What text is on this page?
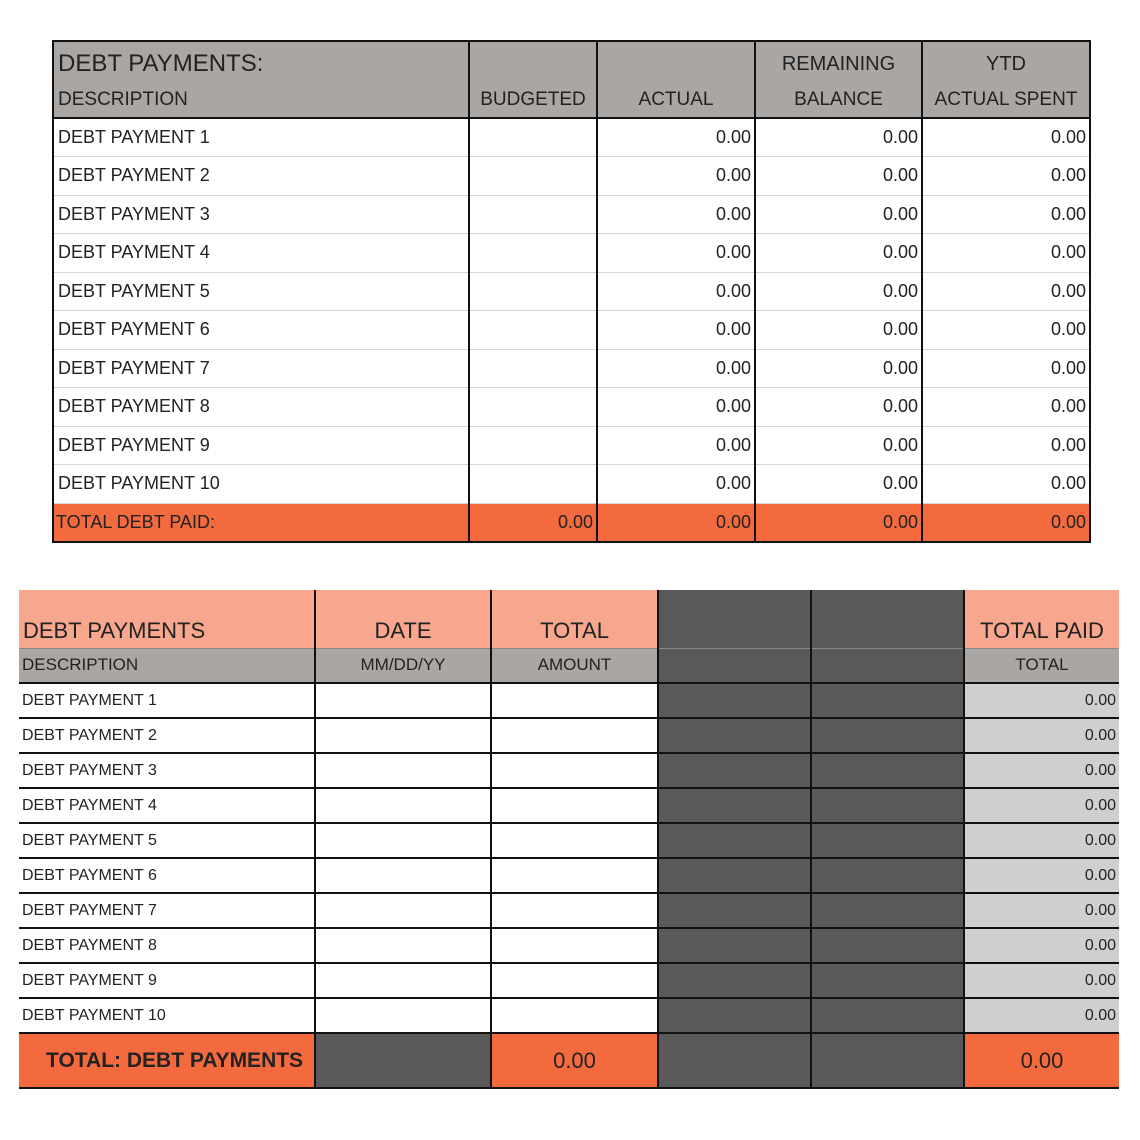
DEBT PAYMENTS:			REMAINING	YTD
DESCRIPTION	BUDGETED	ACTUAL	BALANCE	ACTUAL SPENT
DEBT PAYMENT 1		0.00	0.00	0.00
DEBT PAYMENT 2		0.00	0.00	0.00
DEBT PAYMENT 3		0.00	0.00	0.00
DEBT PAYMENT 4		0.00	0.00	0.00
DEBT PAYMENT 5		0.00	0.00	0.00
DEBT PAYMENT 6		0.00	0.00	0.00
DEBT PAYMENT 7		0.00	0.00	0.00
DEBT PAYMENT 8		0.00	0.00	0.00
DEBT PAYMENT 9		0.00	0.00	0.00
DEBT PAYMENT 10		0.00	0.00	0.00
TOTAL DEBT PAID:	0.00	0.00	0.00	0.00
DEBT PAYMENTS	DATE	TOTAL			TOTAL PAID
DESCRIPTION	MM/DD/YY	AMOUNT			TOTAL
DEBT PAYMENT 1					0.00
DEBT PAYMENT 2					0.00
DEBT PAYMENT 3					0.00
DEBT PAYMENT 4					0.00
DEBT PAYMENT 5					0.00
DEBT PAYMENT 6					0.00
DEBT PAYMENT 7					0.00
DEBT PAYMENT 8					0.00
DEBT PAYMENT 9					0.00
DEBT PAYMENT 10					0.00
TOTAL: DEBT PAYMENTS		0.00			0.00
